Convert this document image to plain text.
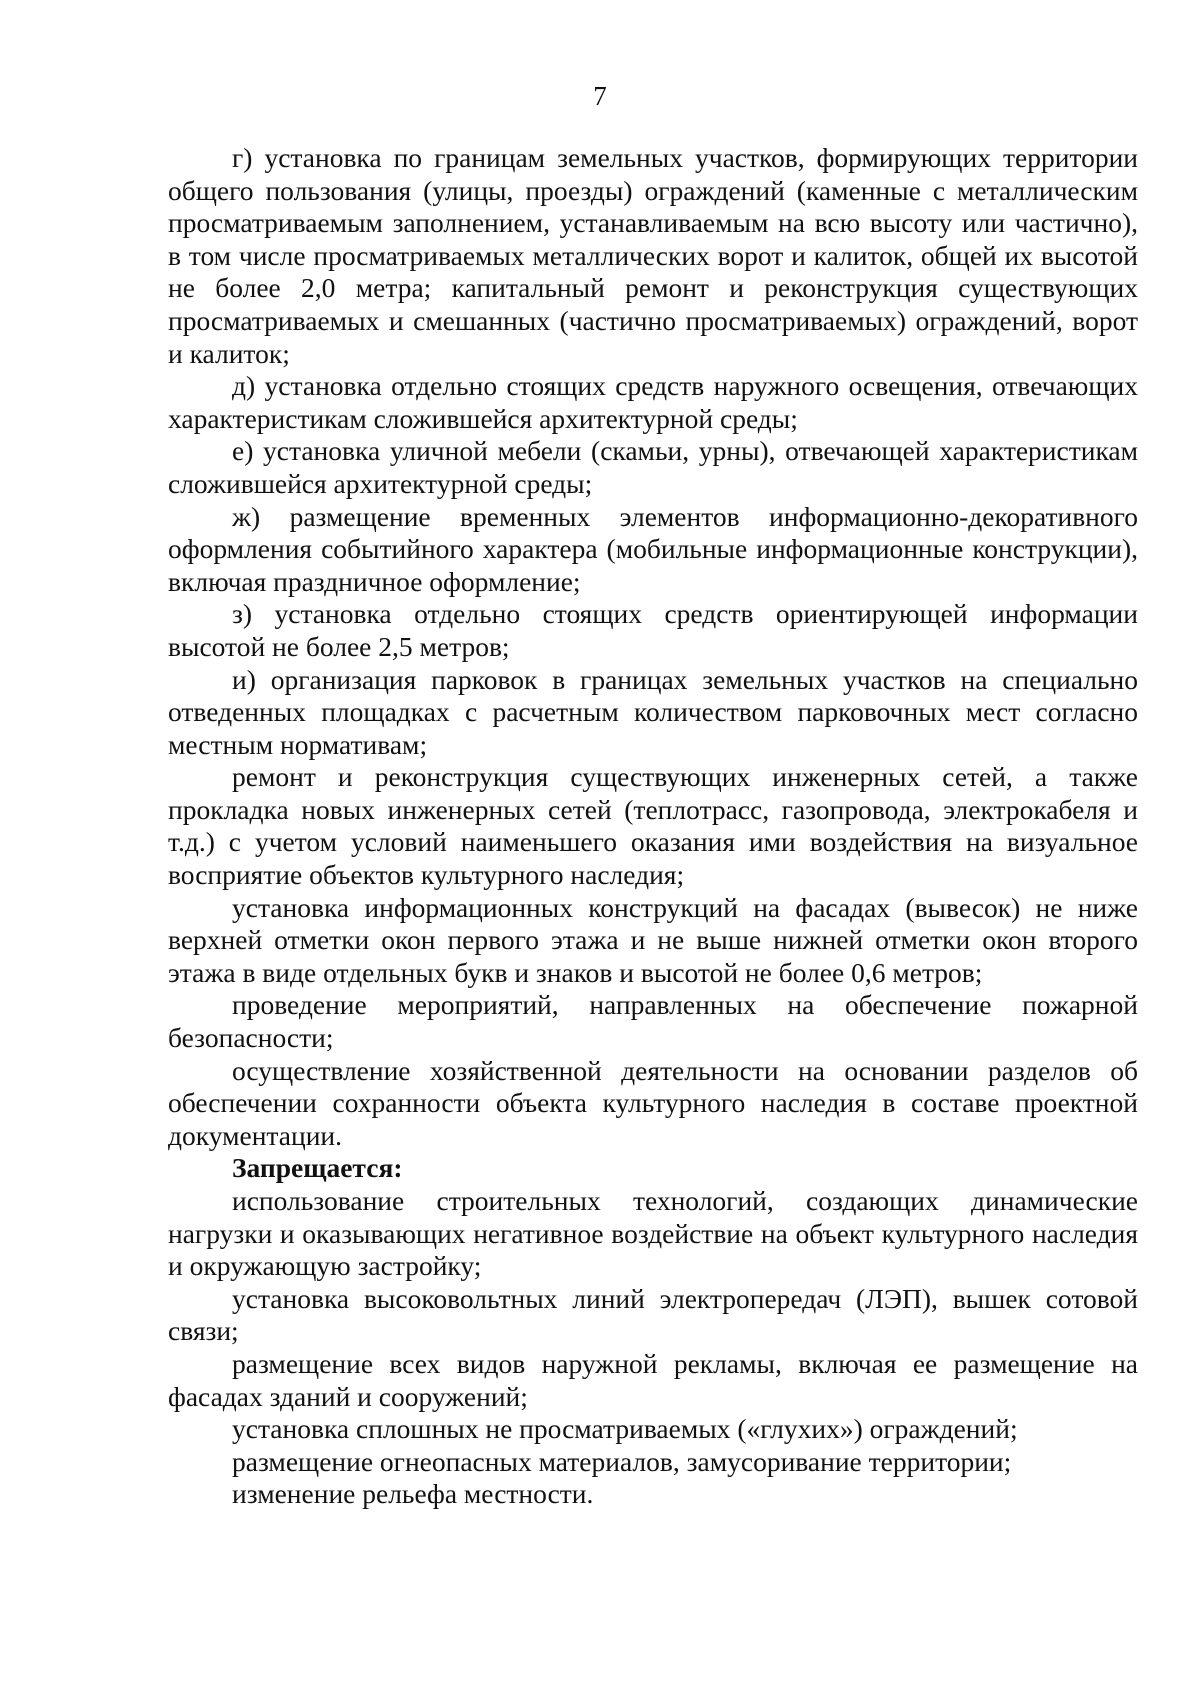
7

г) установка по границам земельных участков, формирующих территории общего пользования (улицы, проезды) ограждений (каменные с металлическим просматриваемым заполнением, устанавливаемым на всю высоту или частично), в том числе просматриваемых металлических ворот и калиток, общей их высотой не более 2,0 метра; капитальный ремонт и реконструкция существующих просматриваемых и смешанных (частично просматриваемых) ограждений, ворот и калиток;

д) установка отдельно стоящих средств наружного освещения, отвечающих характеристикам сложившейся архитектурной среды;

е) установка уличной мебели (скамьи, урны), отвечающей характеристикам сложившейся архитектурной среды;

ж) размещение временных элементов информационно-декоративного оформления событийного характера (мобильные информационные конструкции), включая праздничное оформление;

з) установка отдельно стоящих средств ориентирующей информации высотой не более 2,5 метров;

и) организация парковок в границах земельных участков на специально отведенных площадках с расчетным количеством парковочных мест согласно местным нормативам;

ремонт и реконструкция существующих инженерных сетей, а также прокладка новых инженерных сетей (теплотрасс, газопровода, электрокабеля и т.д.) с учетом условий наименьшего оказания ими воздействия на визуальное восприятие объектов культурного наследия;

установка информационных конструкций на фасадах (вывесок) не ниже верхней отметки окон первого этажа и не выше нижней отметки окон второго этажа в виде отдельных букв и знаков и высотой не более 0,6 метров;

проведение мероприятий, направленных на обеспечение пожарной безопасности;

осуществление хозяйственной деятельности на основании разделов об обеспечении сохранности объекта культурного наследия в составе проектной документации.

Запрещается:

использование строительных технологий, создающих динамические нагрузки и оказывающих негативное воздействие на объект культурного наследия и окружающую застройку;

установка высоковольтных линий электропередач (ЛЭП), вышек сотовой связи;

размещение всех видов наружной рекламы, включая ее размещение на фасадах зданий и сооружений;

установка сплошных не просматриваемых («глухих») ограждений;

размещение огнеопасных материалов, замусоривание территории;

изменение рельефа местности.
